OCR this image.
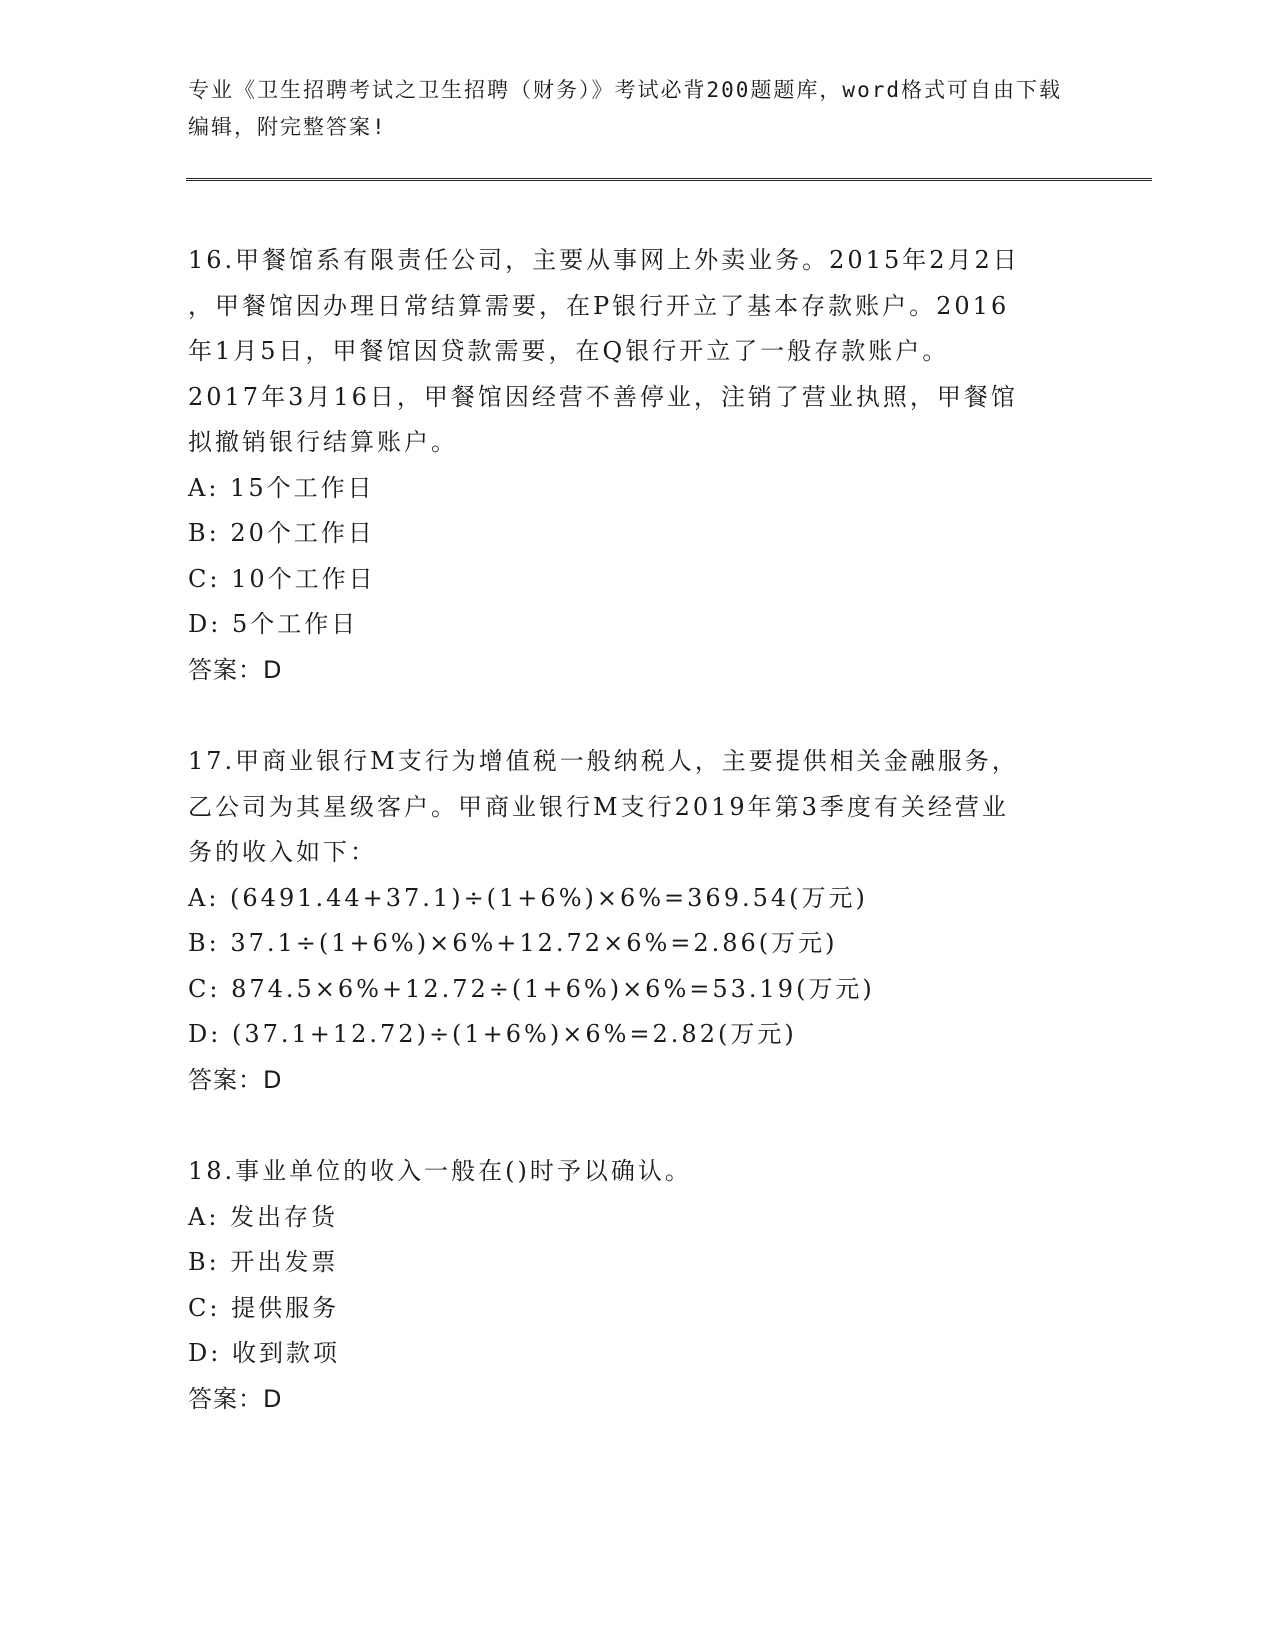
专业《卫生招聘考试之卫生招聘（财务）》考试必背200题题库，word格式可自由下载编辑，附完整答案!

16.甲餐馆系有限责任公司，主要从事网上外卖业务。2015年2月2日
，甲餐馆因办理日常结算需要，在P银行开立了基本存款账户。2016
年1月5日，甲餐馆因贷款需要，在Q银行开立了一般存款账户。
2017年3月16日，甲餐馆因经营不善停业，注销了营业执照，甲餐馆
拟撤销银行结算账户。

A: 15个工作日

B: 20个工作日

C: 10个工作日

D: 5个工作日

答案：D

17.甲商业银行M支行为增值税一般纳税人，主要提供相关金融服务，
乙公司为其星级客户。甲商业银行M支行2019年第3季度有关经营业
务的收入如下：

A: (6491.44+37.1)÷(1+6%)×6%=369.54(万元)

B: 37.1÷(1+6%)×6%+12.72×6%=2.86(万元)

C: 874.5×6%+12.72÷(1+6%)×6%=53.19(万元)

D: (37.1+12.72)÷(1+6%)×6%=2.82(万元)

答案：D

18.事业单位的收入一般在()时予以确认。

A: 发出存货

B: 开出发票

C: 提供服务

D: 收到款项

答案：D
